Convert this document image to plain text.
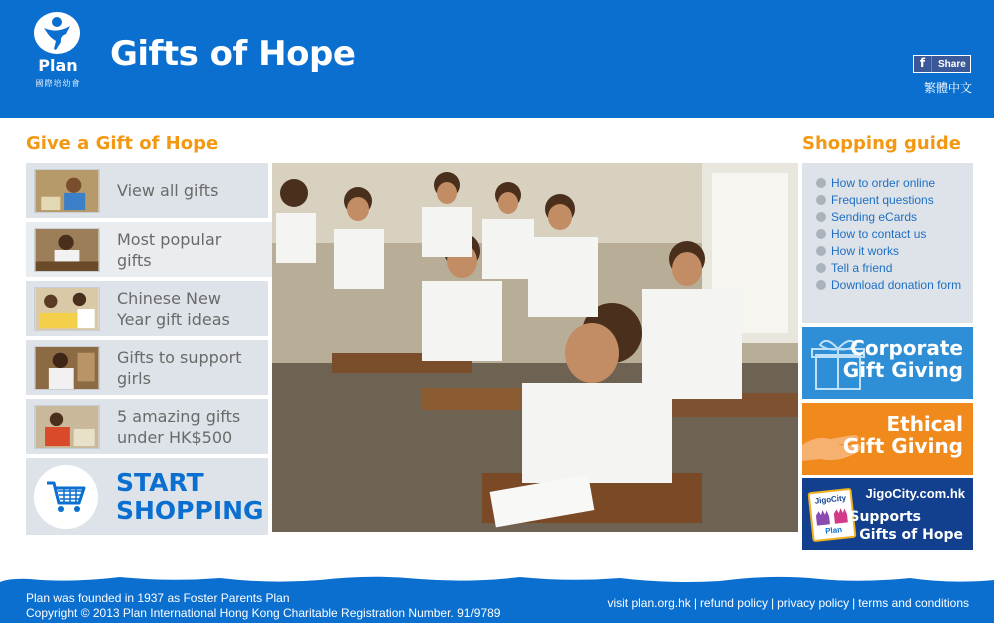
Plan
國際培幼會
Gifts of Hope	f	Share
繁體中文
Give a Gift of Hope	Shopping guide
View all gifts
Most popular
gifts
Chinese New
Year gift ideas
Gifts to support
girls
5 amazing gifts
under HK$500
START
SHOPPING
How to order online
Frequent questions
Sending eCards
How to contact us
How it works
Tell a friend
Download donation form
Corporate
Gift Giving
Ethical
Gift Giving
JigoCity
Plan
JigoCity.com.hk
Supports
Gifts of Hope
Plan was founded in 1937 as Foster Parents Plan
Copyright © 2013 Plan International Hong Kong Charitable Registration Number. 91/9789
visit plan.org.hk | refund policy | privacy policy | terms and conditions
